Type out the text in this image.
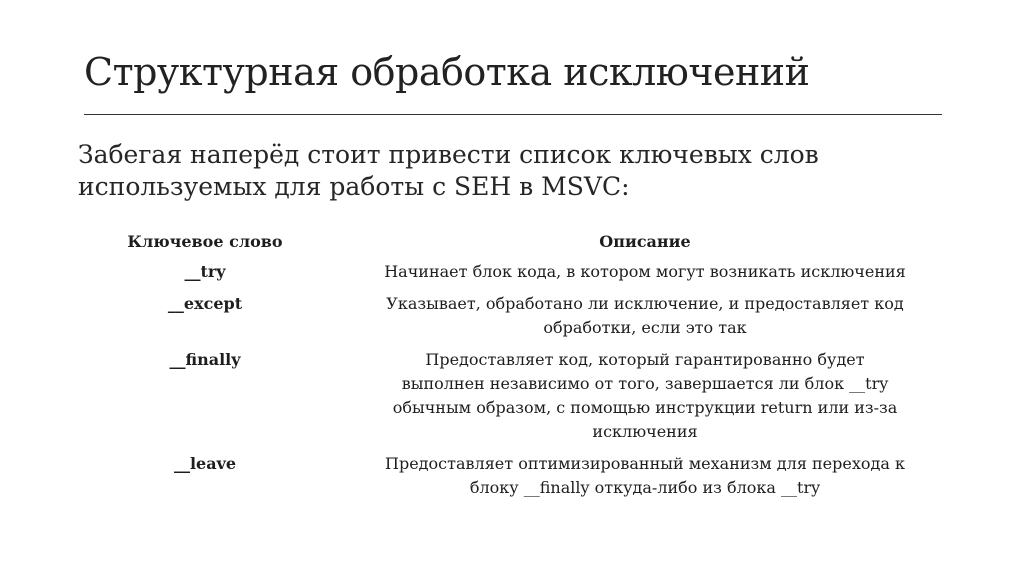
Структурная обработка исключений
Забегая наперёд стоит привести список ключевых слов
используемых для работы с SEH в MSVC:
Ключевое слово	Описание
__try	Начинает блок кода, в котором могут возникать исключения

__except	Указывает, обработано ли исключение, и предоставляет код
обработки, если это так

__finally	Предоставляет код, который гарантированно будет
выполнен независимо от того, завершается ли блок __try
обычным образом, с помощью инструкции return или из-за
исключения

__leave	Предоставляет оптимизированный механизм для перехода к
блоку __finally откуда-либо из блока __try
